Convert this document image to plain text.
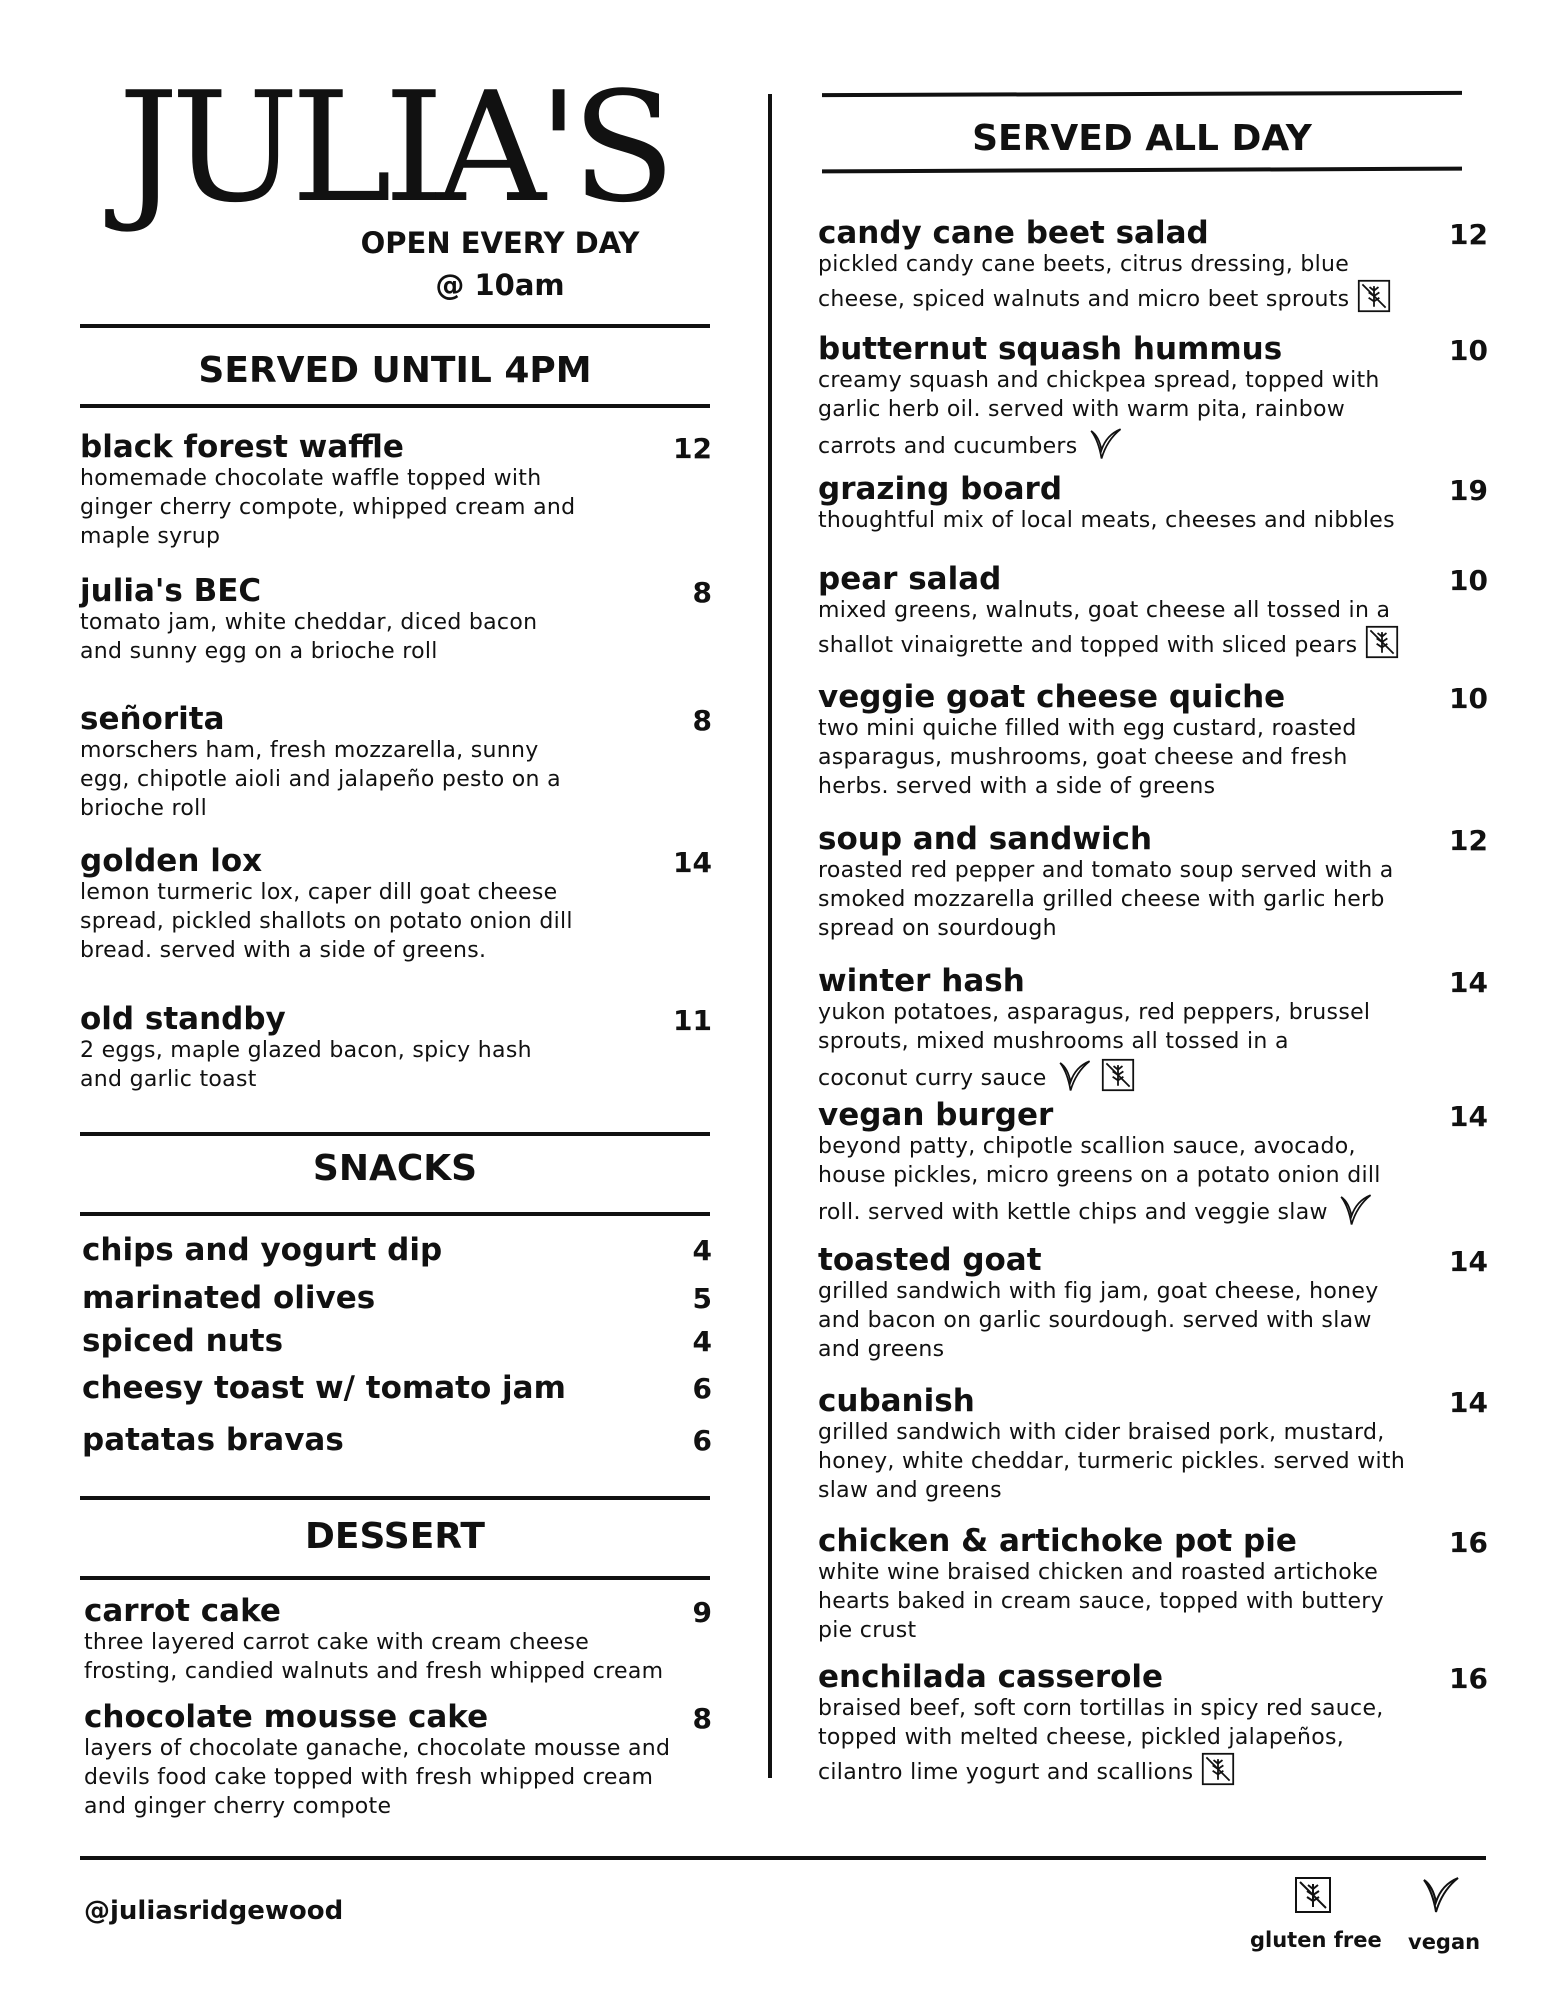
JULIA'S
OPEN EVERY DAY
@ 10am
SERVED UNTIL 4PM
black forest waffle
homemade chocolate waffle topped with
ginger cherry compote, whipped cream and
maple syrup
12
julia's BEC
tomato jam, white cheddar, diced bacon
and sunny egg on a brioche roll
8
señorita
morschers ham, fresh mozzarella, sunny
egg, chipotle aioli and jalapeño pesto on a
brioche roll
8
golden lox
lemon turmeric lox, caper dill goat cheese
spread, pickled shallots on potato onion dill
bread. served with a side of greens.
14
old standby
2 eggs, maple glazed bacon, spicy hash
and garlic toast
11
SNACKS
chips and yogurt dip	4
marinated olives	5
spiced nuts	4
cheesy toast w/ tomato jam	6
patatas bravas	6
DESSERT
carrot cake
three layered carrot cake with cream cheese
frosting, candied walnuts and fresh whipped cream
9
chocolate mousse cake
layers of chocolate ganache, chocolate mousse and
devils food cake topped with fresh whipped cream
and ginger cherry compote
8
SERVED ALL DAY
candy cane beet salad
pickled candy cane beets, citrus dressing, blue
cheese, spiced walnuts and micro beet sprouts
12
butternut squash hummus
creamy squash and chickpea spread, topped with
garlic herb oil. served with warm pita, rainbow
carrots and cucumbers
10
grazing board
thoughtful mix of local meats, cheeses and nibbles
19
pear salad
mixed greens, walnuts, goat cheese all tossed in a
shallot vinaigrette and topped with sliced pears
10
veggie goat cheese quiche
two mini quiche filled with egg custard, roasted
asparagus, mushrooms, goat cheese and fresh
herbs. served with a side of greens
10
soup and sandwich
roasted red pepper and tomato soup served with a
smoked mozzarella grilled cheese with garlic herb
spread on sourdough
12
winter hash
yukon potatoes, asparagus, red peppers, brussel
sprouts, mixed mushrooms all tossed in a
coconut curry sauce
14
vegan burger
beyond patty, chipotle scallion sauce, avocado,
house pickles, micro greens on a potato onion dill
roll. served with kettle chips and veggie slaw
14
toasted goat
grilled sandwich with fig jam, goat cheese, honey
and bacon on garlic sourdough. served with slaw
and greens
14
cubanish
grilled sandwich with cider braised pork, mustard,
honey, white cheddar, turmeric pickles. served with
slaw and greens
14
chicken & artichoke pot pie
white wine braised chicken and roasted artichoke
hearts baked in cream sauce, topped with buttery
pie crust
16
enchilada casserole
braised beef, soft corn tortillas in spicy red sauce,
topped with melted cheese, pickled jalapeños,
cilantro lime yogurt and scallions
16
@juliasridgewood
gluten free vegan
